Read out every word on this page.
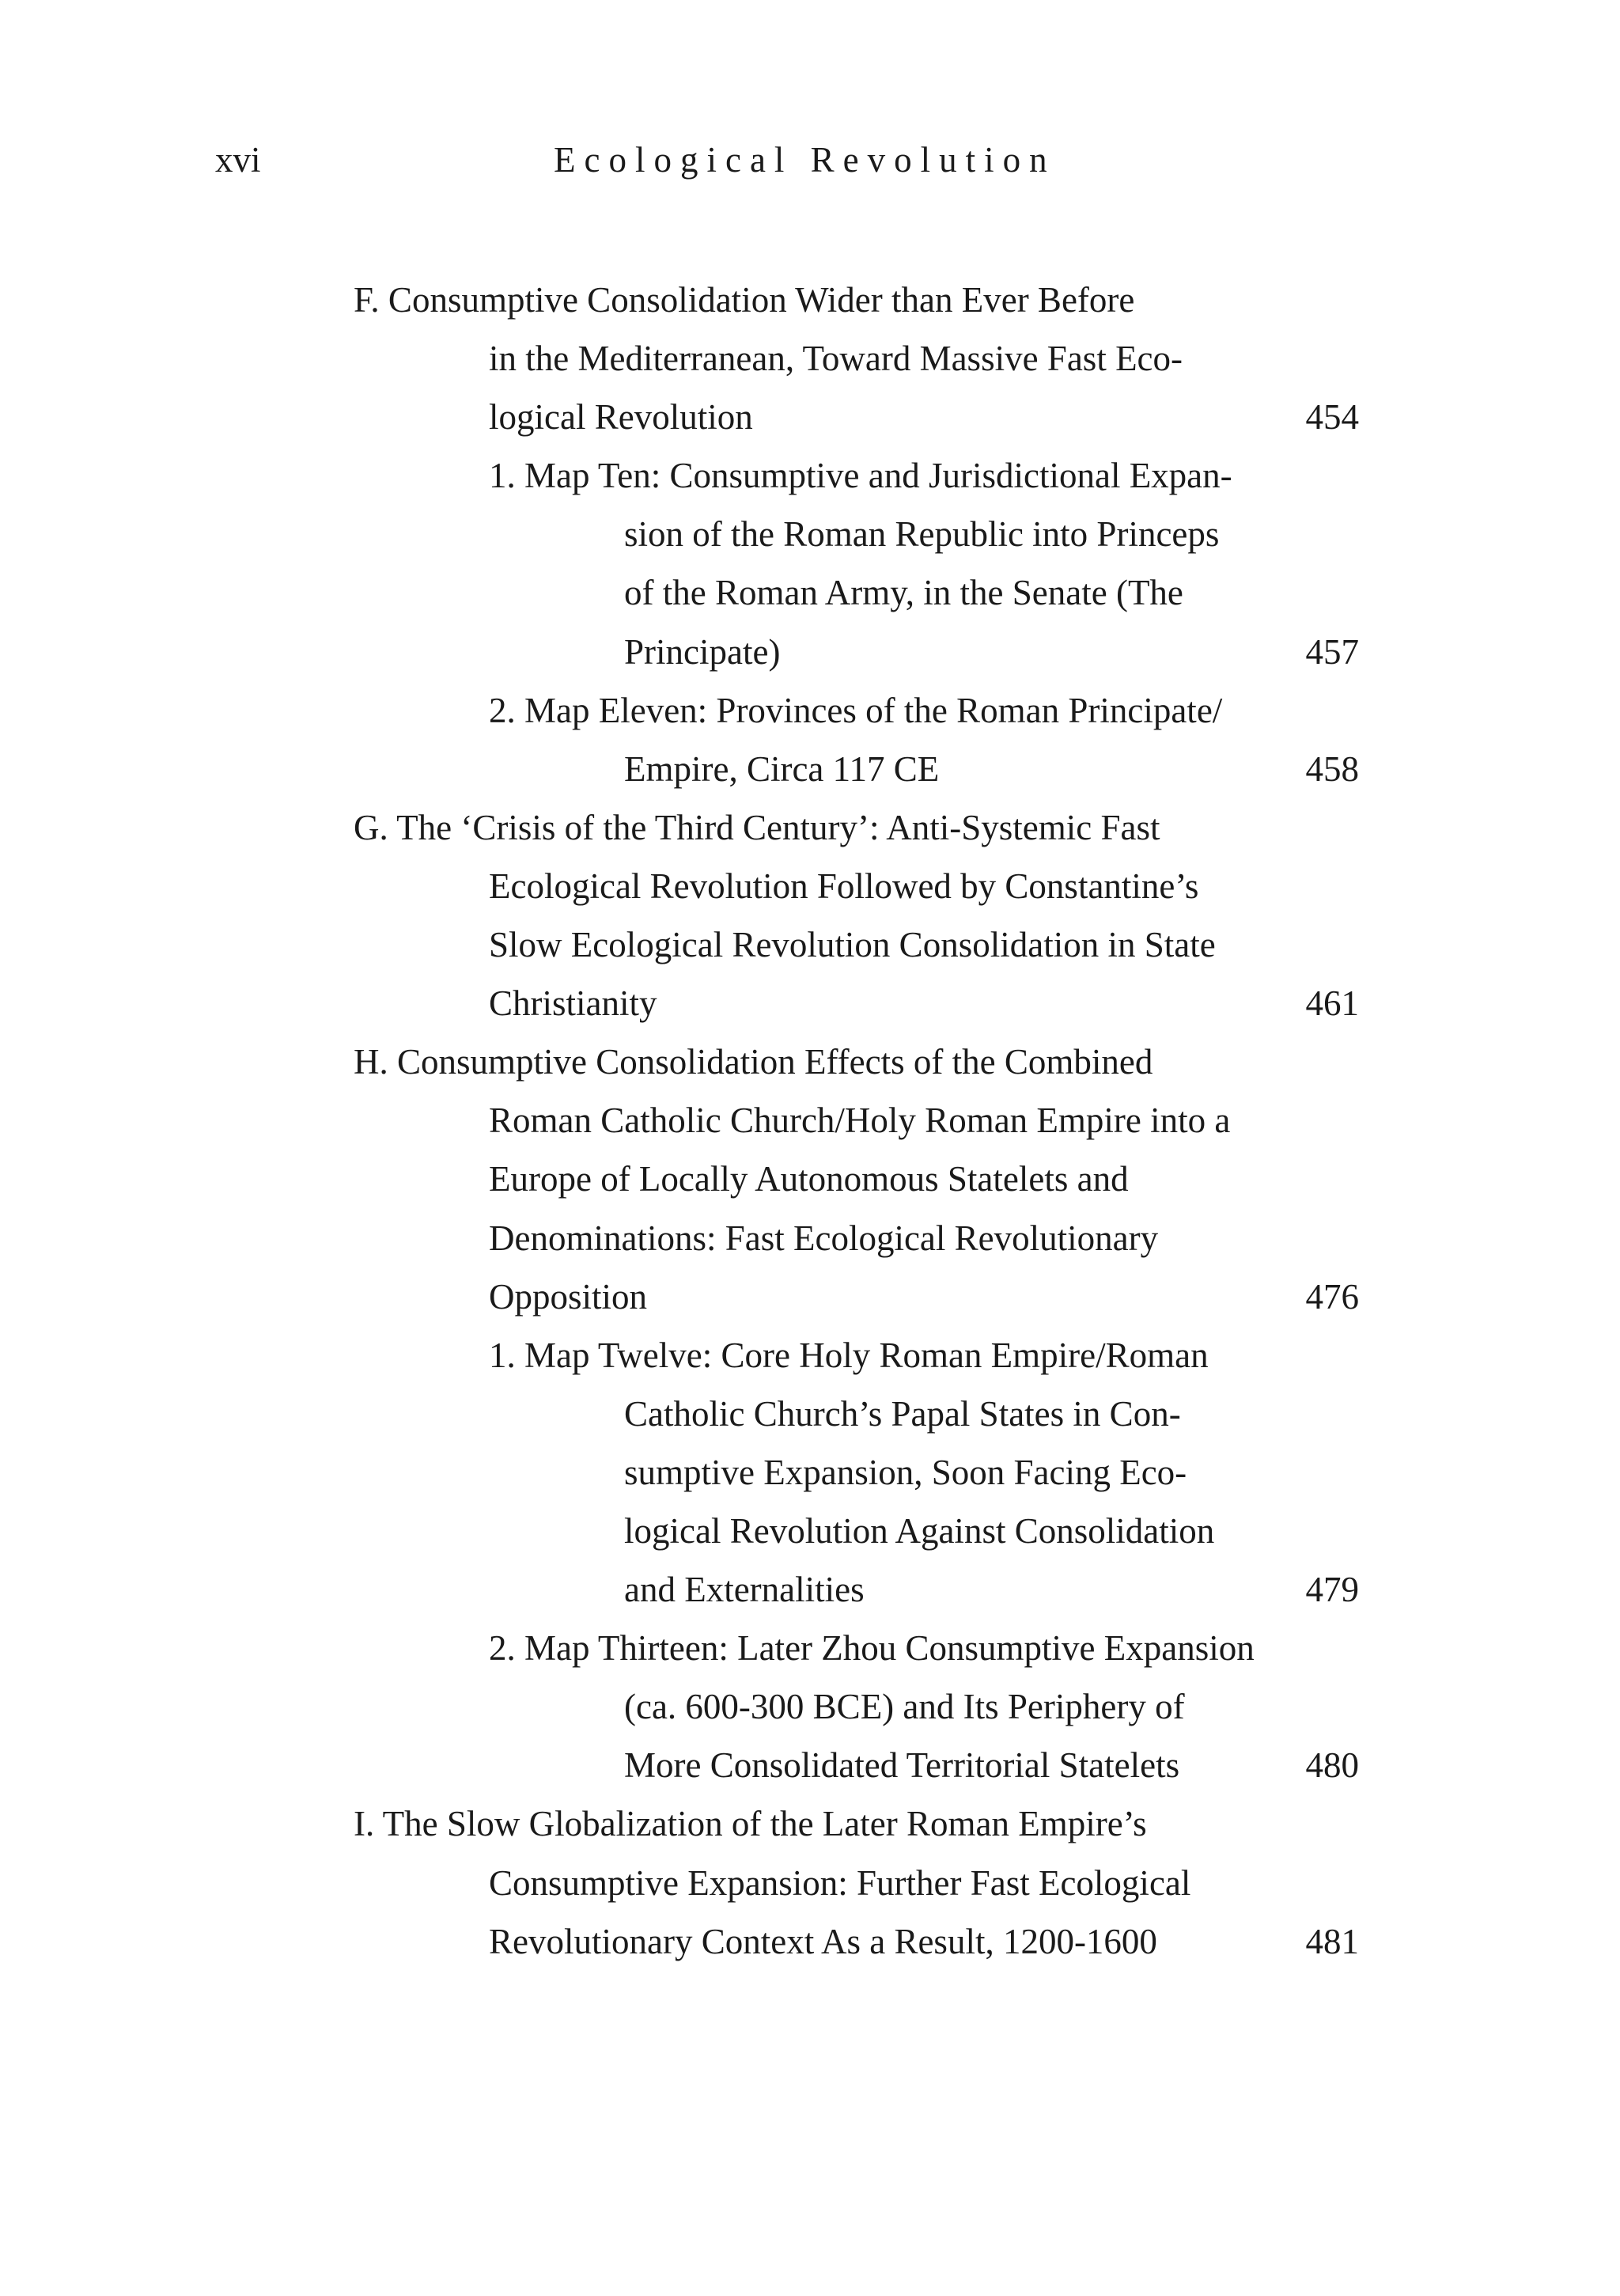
xvi	Ecological Revolution
F. Consumptive Consolidation Wider than Ever Before
in the Mediterranean, Toward Massive Fast Eco-
logical Revolution	454
1. Map Ten: Consumptive and Jurisdictional Expan-
sion of the Roman Republic into Princeps
of the Roman Army, in the Senate (The
Principate)	457
2. Map Eleven: Provinces of the Roman Principate/
Empire, Circa 117 CE	458
G. The ‘Crisis of the Third Century’: Anti-Systemic Fast
Ecological Revolution Followed by Constantine’s
Slow Ecological Revolution Consolidation in State
Christianity	461
H. Consumptive Consolidation Effects of the Combined
Roman Catholic Church/Holy Roman Empire into a
Europe of Locally Autonomous Statelets and
Denominations: Fast Ecological Revolutionary
Opposition	476
1. Map Twelve: Core Holy Roman Empire/Roman
Catholic Church’s Papal States in Con-
sumptive Expansion, Soon Facing Eco-
logical Revolution Against Consolidation
and Externalities	479
2. Map Thirteen: Later Zhou Consumptive Expansion
(ca. 600-300 BCE) and Its Periphery of
More Consolidated Territorial Statelets	480
I. The Slow Globalization of the Later Roman Empire’s
Consumptive Expansion: Further Fast Ecological
Revolutionary Context As a Result, 1200-1600	481
